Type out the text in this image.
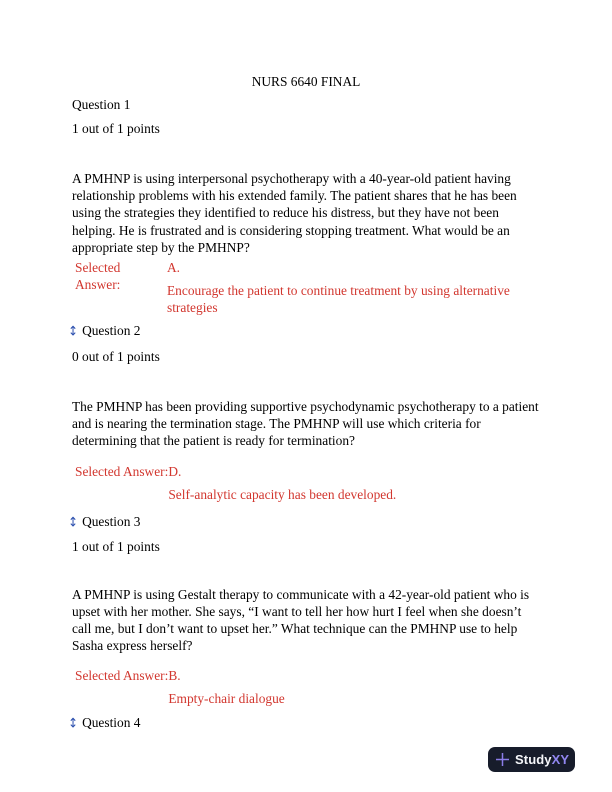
NURS 6640 FINAL
Question 1
1 out of 1 points
A PMHNP is using interpersonal psychotherapy with a 40-year-old patient having relationship problems with his extended family. The patient shares that he has been using the strategies they identified to reduce his distress, but they have not been helping. He is frustrated and is considering stopping treatment. What would be an appropriate step by the PMHNP?
Selected Answer:
A.
Encourage the patient to continue treatment by using alternative strategies
↕ Question 2
0 out of 1 points
The PMHNP has been providing supportive psychodynamic psychotherapy to a patient and is nearing the termination stage. The PMHNP will use which criteria for determining that the patient is ready for termination?
Selected Answer: D.
Self-analytic capacity has been developed.
↕ Question 3
1 out of 1 points
A PMHNP is using Gestalt therapy to communicate with a 42-year-old patient who is upset with her mother. She says, “I want to tell her how hurt I feel when she doesn’t call me, but I don’t want to upset her.” What technique can the PMHNP use to help Sasha express herself?
Selected Answer: B.
Empty-chair dialogue
↕ Question 4
Study XY
